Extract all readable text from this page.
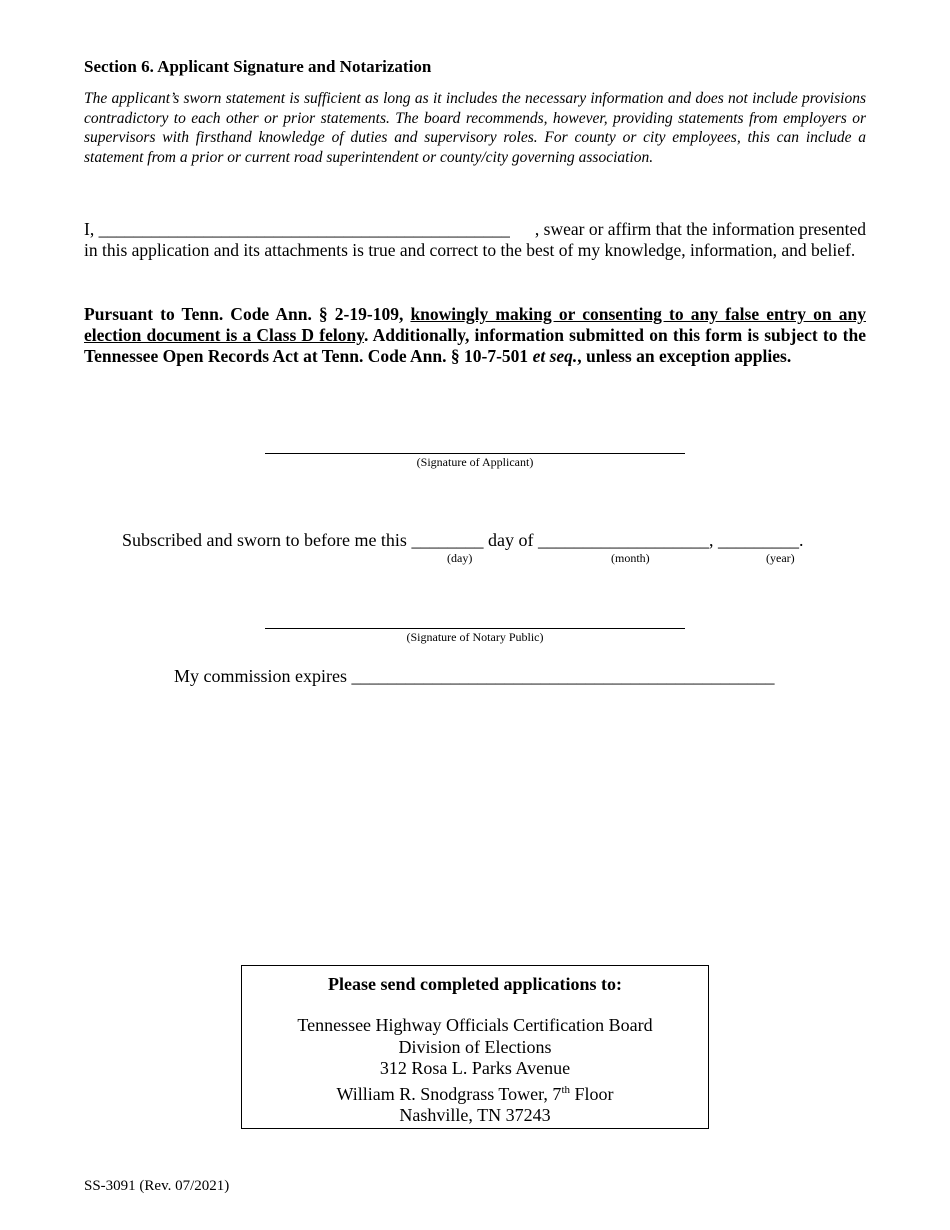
Section 6. Applicant Signature and Notarization
The applicant’s sworn statement is sufficient as long as it includes the necessary information and does not include provisions contradictory to each other or prior statements. The board recommends, however, providing statements from employers or supervisors with firsthand knowledge of duties and supervisory roles. For county or city employees, this can include a statement from a prior or current road superintendent or county/city governing association.
I, _______________________________________________ , swear or affirm that the information presented
in this application and its attachments is true and correct to the best of my knowledge, information, and belief.
Pursuant to Tenn. Code Ann. § 2-19-109, knowingly making or consenting to any false entry on any election document is a Class D felony. Additionally, information submitted on this form is subject to the Tennessee Open Records Act at Tenn. Code Ann. § 10-7-501 et seq., unless an exception applies.
(Signature of Applicant)
Subscribed and sworn to before me this ________ day of ___________________, _________.
(day)	(month)	(year)
(Signature of Notary Public)
My commission expires _______________________________________________
Please send completed applications to:
Tennessee Highway Officials Certification Board
Division of Elections
312 Rosa L. Parks Avenue
William R. Snodgrass Tower, 7th Floor
Nashville, TN 37243
SS-3091 (Rev. 07/2021)
